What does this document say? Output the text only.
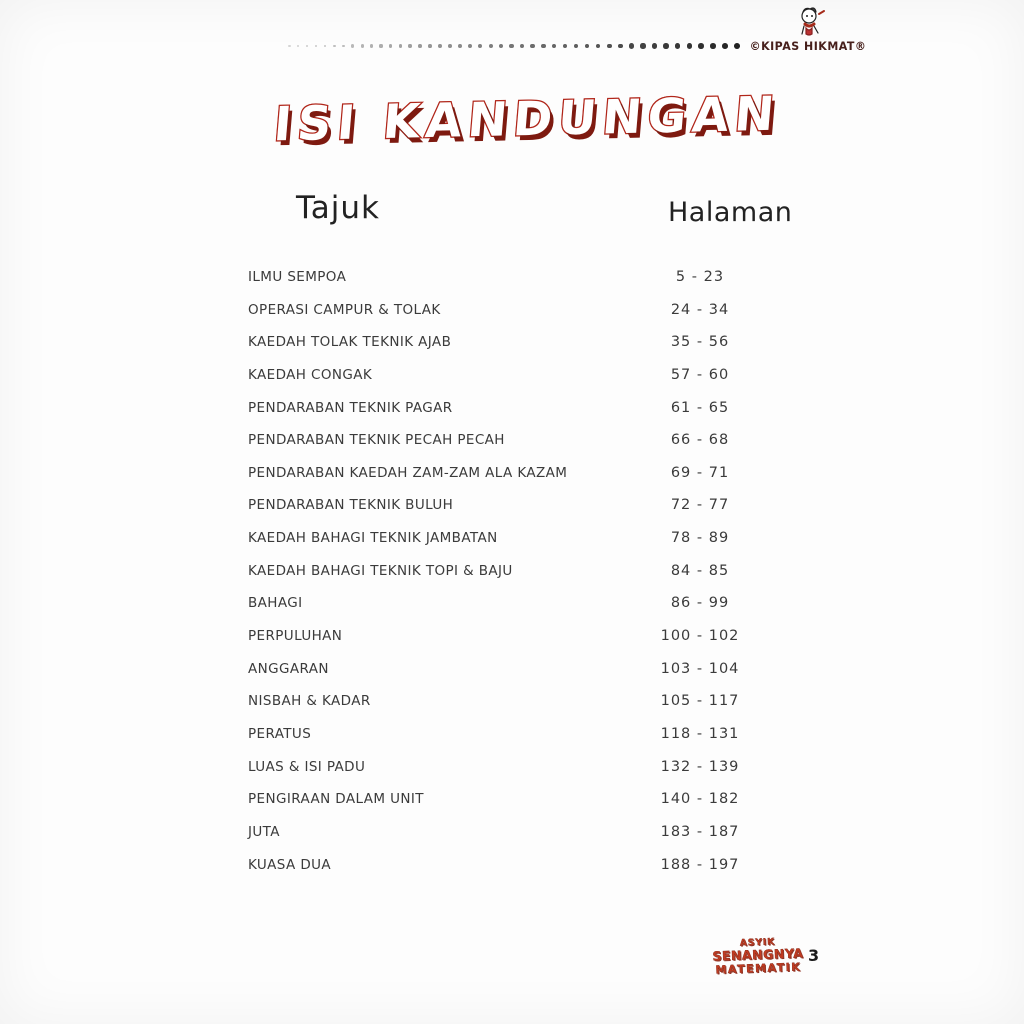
©KIPAS HIKMAT®
ISI KANDUNGAN
Tajuk	Halaman
ILMU SEMPOA	5 - 23
OPERASI CAMPUR & TOLAK	24 - 34
KAEDAH TOLAK TEKNIK AJAB	35 - 56
KAEDAH CONGAK	57 - 60
PENDARABAN TEKNIK PAGAR	61 - 65
PENDARABAN TEKNIK PECAH PECAH	66 - 68
PENDARABAN KAEDAH ZAM-ZAM ALA KAZAM	69 - 71
PENDARABAN TEKNIK BULUH	72 - 77
KAEDAH BAHAGI TEKNIK JAMBATAN	78 - 89
KAEDAH BAHAGI TEKNIK TOPI & BAJU	84 - 85
BAHAGI	86 - 99
PERPULUHAN	100 - 102
ANGGARAN	103 - 104
NISBAH & KADAR	105 - 117
PERATUS	118 - 131
LUAS & ISI PADU	132 - 139
PENGIRAAN DALAM UNIT	140 - 182
JUTA	183 - 187
KUASA DUA	188 - 197
ASYIK
SENANGNYA
MATEMATIK
3
